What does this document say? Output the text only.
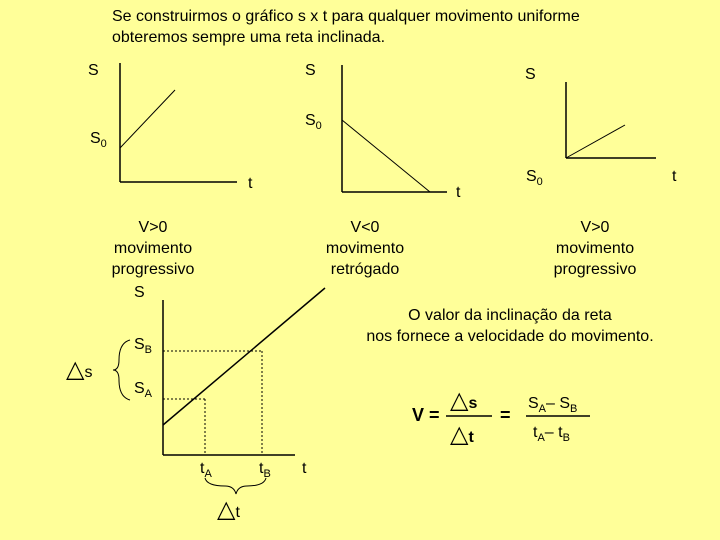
Se construirmos o gráfico s x t para qualquer movimento uniforme
obteremos sempre uma reta inclinada.
S
$S_0$
t
V>0
movimento
progressivo
S
$S_0$
t
V<0
movimento
retrógado
S
$S_0$	t
V>0
movimento
progressivo
S
$S_B$
$S_A$
△s
$t_A$	$t_B$ t
△t
O valor da inclinação da reta
nos fornece a velocidade do movimento.
V =
△s
△t
=
$S_A-$ $S_B$
$t_A-$ $t_B$
